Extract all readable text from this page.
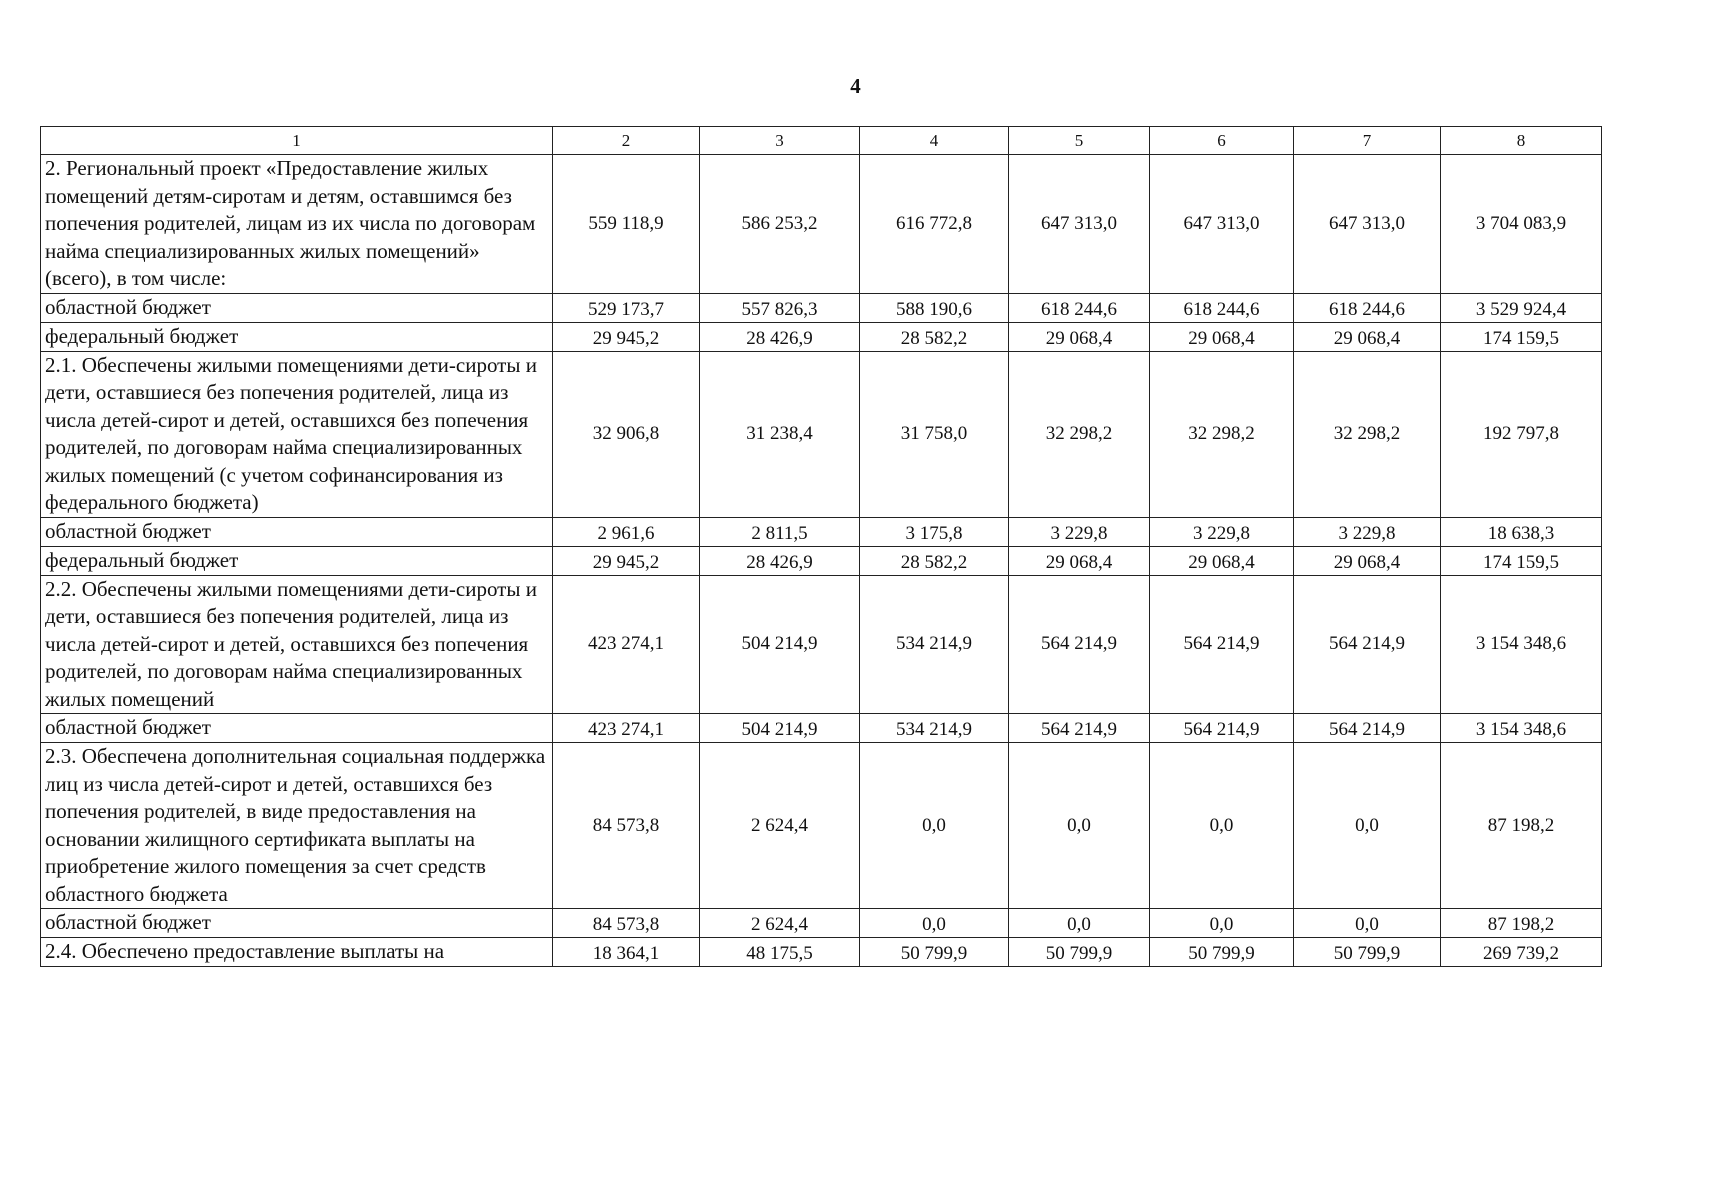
4
1	2	3	4	5	6	7	8
2. Региональный проект «Предоставление жилых помещений детям-сиротам и детям, оставшимся без попечения родителей, лицам из их числа по договорам найма специализированных жилых помещений» (всего), в том числе:	559 118,9	586 253,2	616 772,8	647 313,0	647 313,0	647 313,0	3 704 083,9
областной бюджет	529 173,7	557 826,3	588 190,6	618 244,6	618 244,6	618 244,6	3 529 924,4
федеральный бюджет	29 945,2	28 426,9	28 582,2	29 068,4	29 068,4	29 068,4	174 159,5
2.1. Обеспечены жилыми помещениями дети-сироты и дети, оставшиеся без попечения родителей, лица из числа детей-сирот и детей, оставшихся без попечения родителей, по договорам найма специализированных жилых помещений (с учетом софинансирования из федерального бюджета)	32 906,8	31 238,4	31 758,0	32 298,2	32 298,2	32 298,2	192 797,8
областной бюджет	2 961,6	2 811,5	3 175,8	3 229,8	3 229,8	3 229,8	18 638,3
федеральный бюджет	29 945,2	28 426,9	28 582,2	29 068,4	29 068,4	29 068,4	174 159,5
2.2. Обеспечены жилыми помещениями дети-сироты и дети, оставшиеся без попечения родителей, лица из числа детей-сирот и детей, оставшихся без попечения родителей, по договорам найма специализированных жилых помещений	423 274,1	504 214,9	534 214,9	564 214,9	564 214,9	564 214,9	3 154 348,6
областной бюджет	423 274,1	504 214,9	534 214,9	564 214,9	564 214,9	564 214,9	3 154 348,6
2.3. Обеспечена дополнительная социальная поддержка лиц из числа детей-сирот и детей, оставшихся без попечения родителей, в виде предоставления на основании жилищного сертификата выплаты на приобретение жилого помещения за счет средств областного бюджета	84 573,8	2 624,4	0,0	0,0	0,0	0,0	87 198,2
областной бюджет	84 573,8	2 624,4	0,0	0,0	0,0	0,0	87 198,2
2.4. Обеспечено предоставление выплаты на	18 364,1	48 175,5	50 799,9	50 799,9	50 799,9	50 799,9	269 739,2
